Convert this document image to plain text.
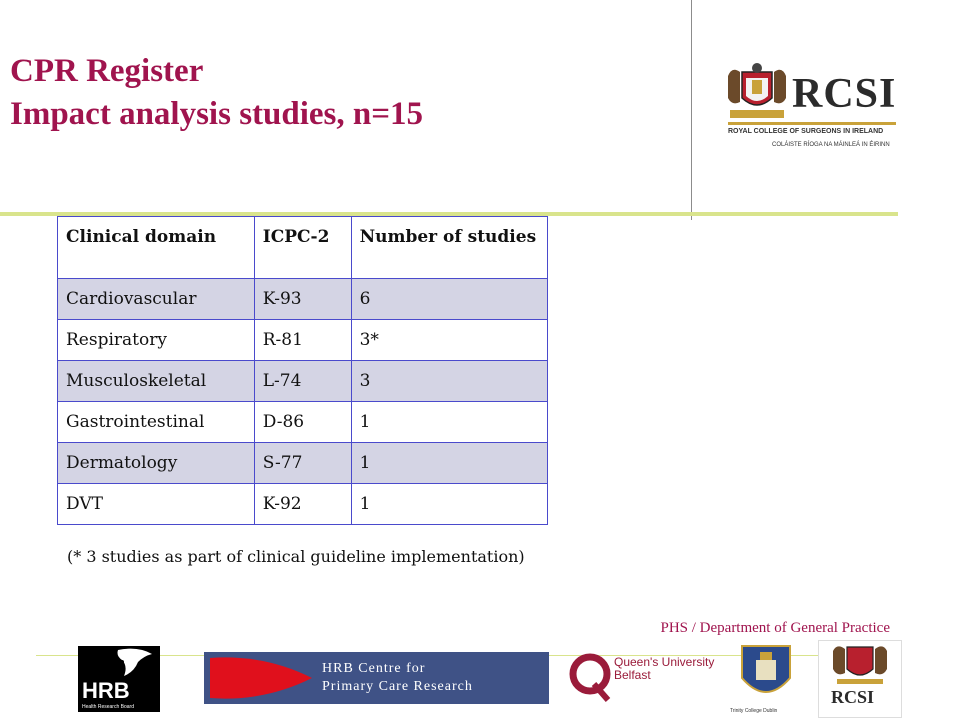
CPR Register
Impact analysis studies, n=15	RCSI
ROYAL COLLEGE OF SURGEONS IN IRELAND
COLÁISTE RÍOGA NA MÁINLEÁ IN ÉIRINN
Clinical domain	ICPC-2	Number of studies
Cardiovascular	K-93	6
Respiratory	R-81	3*
Musculoskeletal	L-74	3
Gastrointestinal	D-86	1
Dermatology	S-77	1
DVT	K-92	1
(* 3 studies as part of clinical guideline implementation)
PHS / Department of General Practice
HRB
Health Research Board
HRB Centre for
Primary Care Research
Queen's University
Belfast
Trinity College Dublin
RCSI
